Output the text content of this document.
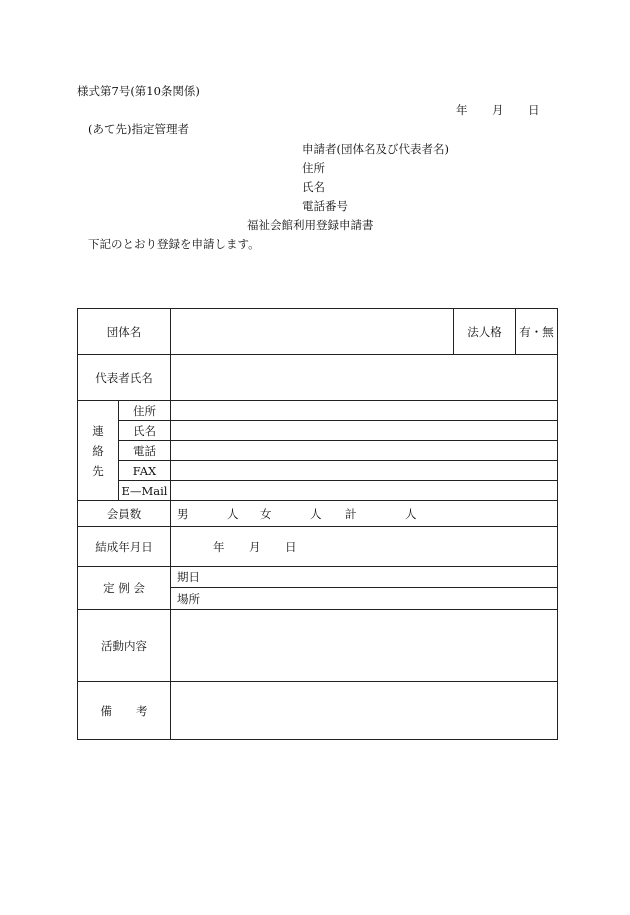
様式第7号(第10条関係)
年 月 日
(あて先)指定管理者
申請者(団体名及び代表者名)
住所
氏名
電話番号
福祉会館利用登録申請書
下記のとおり登録を申請します。
団体名			法人格	有・無
代表者氏名				

連
絡
先	住所			
	氏名			
	電話			
	FAX			
	E—Mail			
会員数		男 人 女 人 計 人		
結成年月日		年 月 日		
定 例 会		期日		
		場所		
活動内容				
備 考				
